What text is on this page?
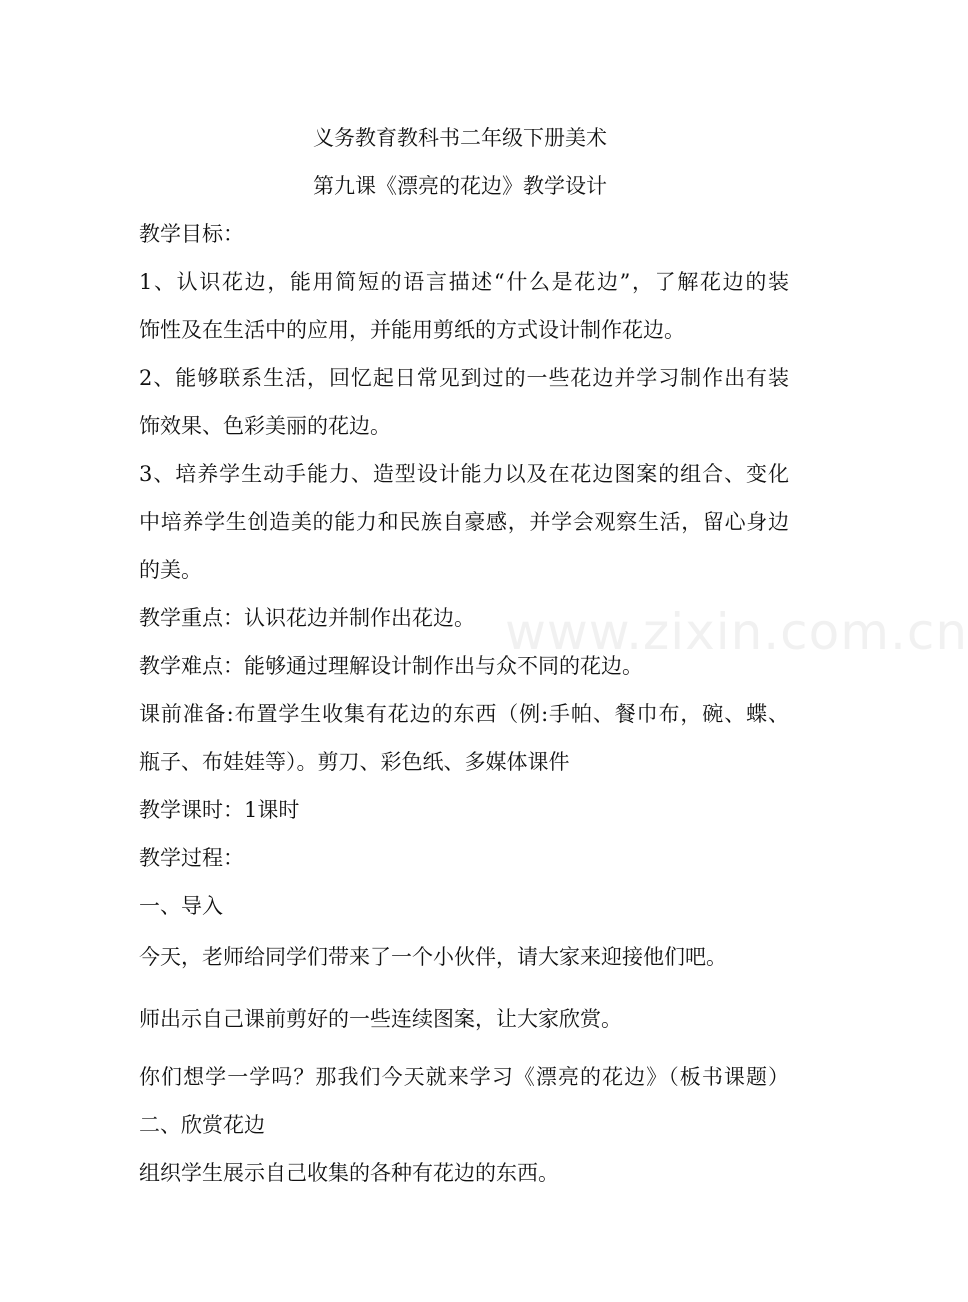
义务教育教科书二年级下册美术
第九课《漂亮的花边》教学设计
教学目标：
1、认识花边，能用简短的语言描述“什么是花边”，了解花边的装
饰性及在生活中的应用，并能用剪纸的方式设计制作花边。
2、能够联系生活，回忆起日常见到过的一些花边并学习制作出有装
饰效果、色彩美丽的花边。
3、培养学生动手能力、造型设计能力以及在花边图案的组合、变化
中培养学生创造美的能力和民族自豪感，并学会观察生活，留心身边
的美。
www.zixin.com.cn
教学重点：认识花边并制作出花边。
教学难点：能够通过理解设计制作出与众不同的花边。
课前准备:布置学生收集有花边的东西（例:手帕、餐巾布，碗、蝶、
瓶子、布娃娃等）。剪刀、彩色纸、多媒体课件
教学课时：1课时
教学过程：
一、导入
今天，老师给同学们带来了一个小伙伴，请大家来迎接他们吧。
师出示自己课前剪好的一些连续图案，让大家欣赏。
你们想学一学吗？那我们今天就来学习《漂亮的花边》（板书课题）
二、欣赏花边
组织学生展示自己收集的各种有花边的东西。
